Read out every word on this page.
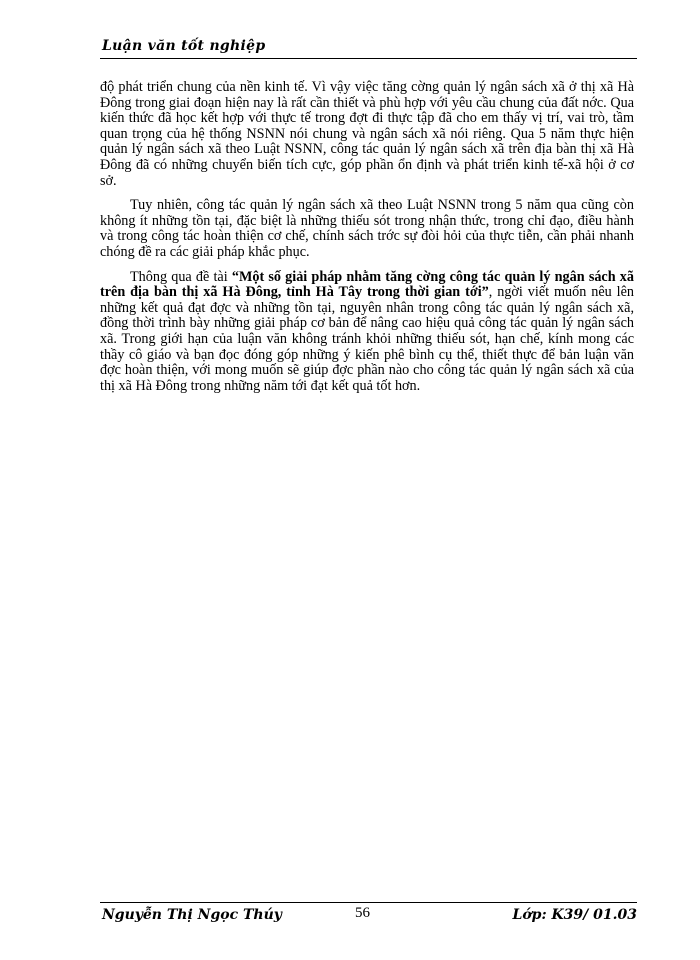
Luận văn tốt nghiệp

độ phát triển chung của nền kinh tế. Vì vậy việc tăng cờng quản lý ngân sách xã ở thị xã Hà Đông trong giai đoạn hiện nay là rất cần thiết và phù hợp với yêu cầu chung của đất nớc. Qua kiến thức đã học kết hợp với thực tế trong đợt đi thực tập đã cho em thấy vị trí, vai trò, tầm quan trọng của hệ thống NSNN nói chung và ngân sách xã nói riêng. Qua 5 năm thực hiện quản lý ngân sách xã theo Luật NSNN, công tác quản lý ngân sách xã trên địa bàn thị xã Hà Đông đã có những chuyển biến tích cực, góp phần ổn định và phát triển kinh tế-xã hội ở cơ sở.

Tuy nhiên, công tác quản lý ngân sách xã theo Luật NSNN trong 5 năm qua cũng còn không ít những tồn tại, đặc biệt là những thiếu sót trong nhận thức, trong chỉ đạo, điều hành và trong công tác hoàn thiện cơ chế, chính sách trớc sự đòi hỏi của thực tiễn, cần phải nhanh chóng đề ra các giải pháp khắc phục.

Thông qua đề tài “Một số giải pháp nhằm tăng cờng công tác quản lý ngân sách xã trên địa bàn thị xã Hà Đông, tỉnh Hà Tây trong thời gian tới”, ngời viết muốn nêu lên những kết quả đạt đợc và những tồn tại, nguyên nhân trong công tác quản lý ngân sách xã, đồng thời trình bày những giải pháp cơ bản để nâng cao hiệu quả công tác quản lý ngân sách xã. Trong giới hạn của luận văn không tránh khỏi những thiếu sót, hạn chế, kính mong các thầy cô giáo và bạn đọc đóng góp những ý kiến phê bình cụ thể, thiết thực để bản luận văn đợc hoàn thiện, với mong muốn sẽ giúp đợc phần nào cho công tác quản lý ngân sách xã của thị xã Hà Đông trong những năm tới đạt kết quả tốt hơn.

Nguyễn Thị Ngọc Thúy	56	Lớp: K39/ 01.03
